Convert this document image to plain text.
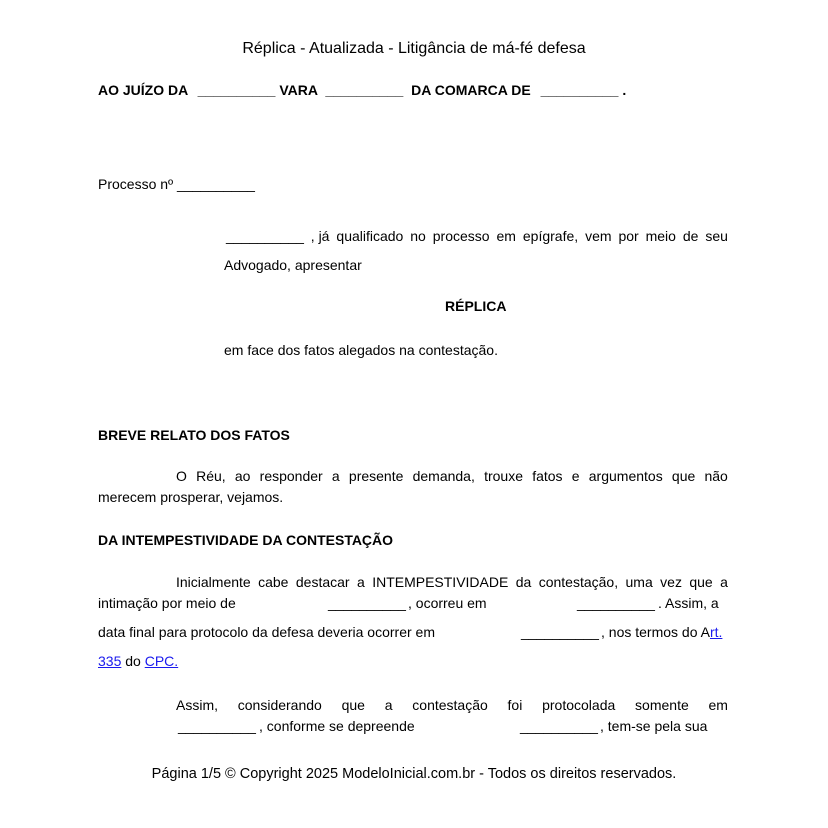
Réplica - Atualizada - Litigância de má-fé defesa
AO JUÍZO DA __________ VARA __________ DA COMARCA DE __________ .
Processo nº __________
__________ , já qualificado no processo em epígrafe, vem por meio de seu
Advogado, apresentar
RÉPLICA
em face dos fatos alegados na contestação.
BREVE RELATO DOS FATOS
O Réu, ao responder a presente demanda, trouxe fatos e argumentos que não
merecem prosperar, vejamos.
DA INTEMPESTIVIDADE DA CONTESTAÇÃO
Inicialmente cabe destacar a INTEMPESTIVIDADE da contestação, uma vez que a
intimação por meio de	__________ , ocorreu em	__________ . Assim, a
data final para protocolo da defesa deveria ocorrer em	__________ , nos termos do Art.
335 do CPC.
Assim, considerando que a contestação foi protocolada somente em
__________ , conforme se depreende	__________ , tem-se pela sua
Página 1/5 © Copyright 2025 ModeloInicial.com.br - Todos os direitos reservados.
